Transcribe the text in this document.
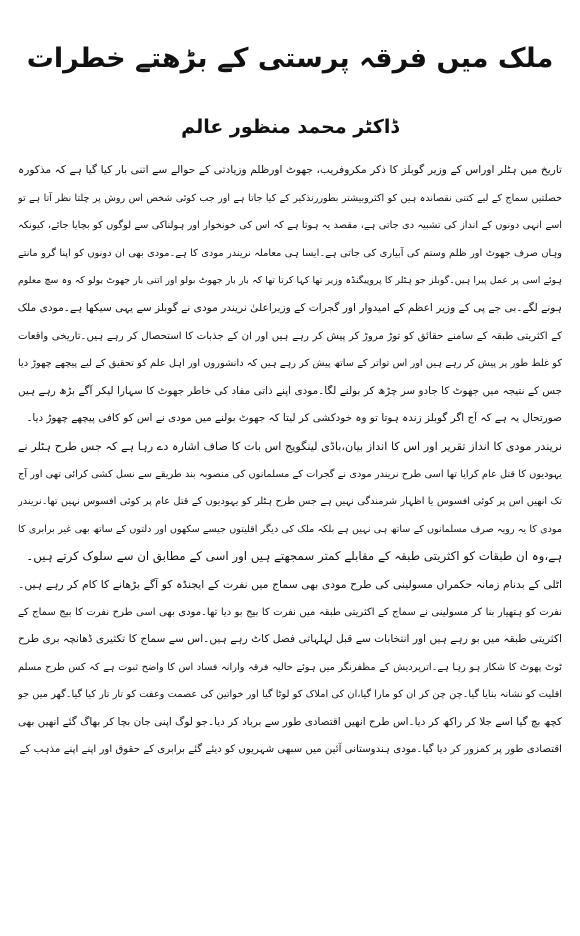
ملک میں فرقہ پرستی کے بڑھتے خطرات
ڈاکٹر محمد منظور عالم
تاریخ میں ہٹلر اوراس کے وزیر گوبلز کا ذکر مکروفریب، جھوٹ اورظلم وزیادتی کے حوالے سے اتنی بار کیا گیا ہے کہ مذکورہ
خصلتیں سماج کے لیے کتنی نقصاندہ ہیں کو اکثروبیشتر بطوررنذکیر کے کیا جاتا ہے اور جب کوئی شخص اس روش پر چلتا نظر آتا ہے تو
اسے انہی دونوں کے انداز کی تشبیہ دی جاتی ہے، مقصد یہ ہوتا ہے کہ اس کی خونخوار اور ہولناکی سے لوگوں کو بچایا جائے، کیونکہ
وہاں صرف جھوٹ اور ظلم وستم کی آبیاری کی جاتی ہے۔ایسا ہی معاملہ نریندر مودی کا ہے۔مودی بھی ان دونوں کو اپنا گرو مانتے
ہوئے اسی پر عمل پیرا ہیں۔گوبلز جو ہٹلر کا پروپیگنڈہ وزیر تھا کہا کرتا تھا کہ بار بار جھوٹ بولو اور اتنی بار جھوٹ بولو کہ وہ سچ معلوم
ہونے لگے۔بی جے پی کے وزیر اعظم کے امیدوار اور گجرات کے وزیراعلیٰ نریندر مودی نے گوبلز سے یہی سیکھا ہے۔مودی ملک
کے اکثریتی طبقہ کے سامنے حقائق کو توڑ مروڑ کر پیش کر رہے ہیں اور ان کے جذبات کا استحصال کر رہے ہیں۔تاریخی واقعات
کو غلط طور پر پیش کر رہے ہیں اور اس تواتر کے ساتھ پیش کر رہے ہیں کہ دانشوروں اور اہل علم کو تحقیق کے لیے پیچھے چھوڑ دیا
جس کے نتیجہ میں جھوٹ کا جادو سر چڑھ کر بولنے لگا۔مودی اپنے ذاتی مفاد کی خاطر جھوٹ کا سہارا لیکر آگے بڑھ رہے ہیں
صورتحال یہ ہے کہ آج اگر گوبلز زندہ ہوتا تو وہ خودکشی کر لیتا کہ جھوٹ بولنے میں مودی نے اس کو کافی پیچھے چھوڑ دیا۔
نریندر مودی کا انداز تقریر اور اس کا انداز بیان،باڈی لینگویج اس بات کا صاف اشارہ دے رہا ہے کہ جس طرح ہٹلر نے
یہودیوں کا قتل عام کرایا تھا اسی طرح نریندر مودی نے گجرات کے مسلمانوں کی منصوبہ بند طریقے سے نسل کشی کرائی تھی اور آج
تک انھیں اس پر کوئی افسوس یا اظہار شرمندگی نہیں ہے جس طرح ہٹلر کو یہودیوں کے قتل عام پر کوئی افسوس نہیں تھا۔نریندر
مودی کا یہ رویہ صرف مسلمانوں کے ساتھ ہی نہیں ہے بلکہ ملک کی دیگر اقلیتوں جیسے سکھوں اور دلتوں کے ساتھ بھی غیر برابری کا
ہے،وہ ان طبقات کو اکثریتی طبقہ کے مقابلے کمتر سمجھتے ہیں اور اسی کے مطابق ان سے سلوک کرتے ہیں۔
اٹلی کے بدنام زمانہ حکمراں مسولینی کی طرح مودی بھی سماج میں نفرت کے ایجنڈہ کو آگے بڑھانے کا کام کر رہے ہیں۔
نفرت کو ہتھیار بنا کر مسولینی نے سماج کے اکثریتی طبقہ میں نفرت کا بیج بو دیا تھا۔مودی بھی اسی طرح نفرت کا بیج سماج کے
اکثریتی طبقہ میں بو رہے ہیں اور انتخابات سے قبل لہلہاتی فصل کاٹ رہے ہیں۔اس سے سماج کا تکثیری ڈھانچہ بری طرح
ٹوٹ پھوٹ کا شکار ہو رہا ہے۔اترپردیش کے مظفرنگر میں ہوئے حالیہ فرقہ وارانہ فساد اس کا واضح ثبوت ہے کہ کس طرح مسلم
اقلیت کو نشانہ بنایا گیا۔چن چن کر ان کو مارا گیا،ان کی املاک کو لوٹا گیا اور خواتین کی عصمت وعفت کو تار تار کیا گیا۔گھر میں جو
کچھ بچ گیا اسے جلا کر راکھ کر دیا۔اس طرح انھیں اقتصادی طور سے برباد کر دیا۔جو لوگ اپنی جان بچا کر بھاگ گئے انھیں بھی
اقتصادی طور پر کمزور کر دیا گیا۔مودی ہندوستانی آئین میں سبھی شہریوں کو دیئے گئے برابری کے حقوق اور اپنے اپنے مذہب کے
